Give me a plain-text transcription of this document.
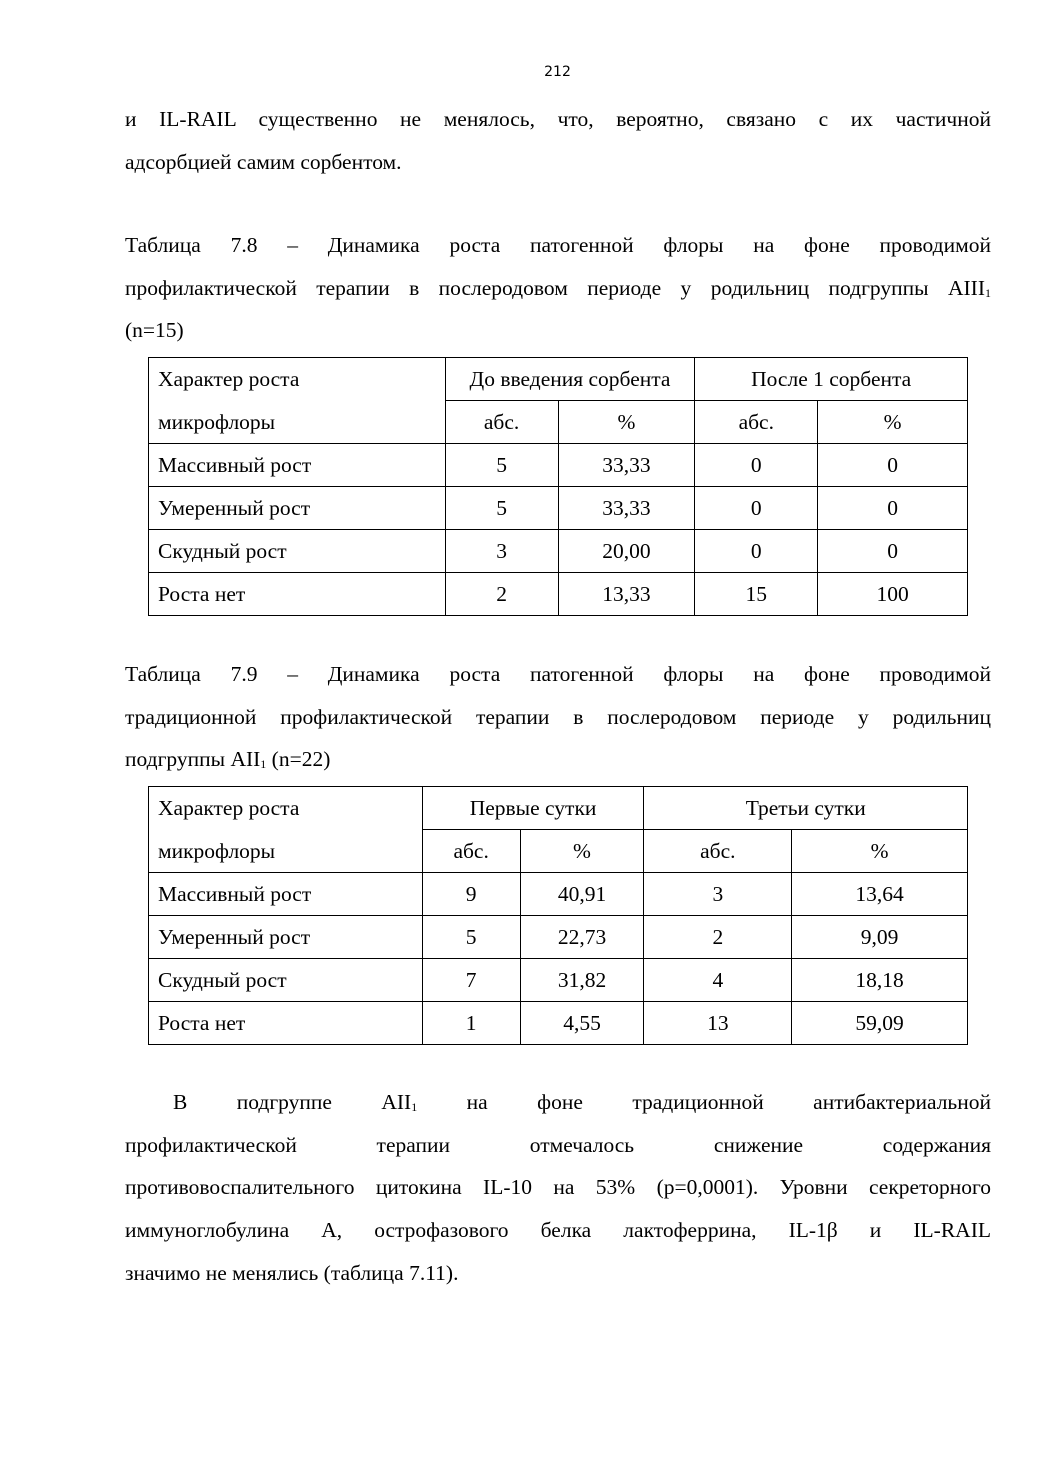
212
и IL-RAIL существенно не менялось, что, вероятно, связано с их частичной
адсорбцией самим сорбентом.
Таблица 7.8 – Динамика роста патогенной флоры на фоне проводимой
профилактической терапии в послеродовом периоде у родильниц подгруппы $AIII_1$
(n=15)
Характер роста	До введения сорбента		После 1 сорбента	
микрофлоры	абс.	%	абс.	%
Массивный рост	5	33,33	0	0
Умеренный рост	5	33,33	0	0
Скудный рост	3	20,00	0	0
Роста нет	2	13,33	15	100
Таблица 7.9 – Динамика роста патогенной флоры на фоне проводимой
традиционной профилактической терапии в послеродовом периоде у родильниц
подгруппы $AII_1$ (n=22)
Характер роста	Первые сутки		Третьи сутки	
микрофлоры	абс.	%	абс.	%
Массивный рост	9	40,91	3	13,64
Умеренный рост	5	22,73	2	9,09
Скудный рост	7	31,82	4	18,18
Роста нет	1	4,55	13	59,09
В подгруппе $AII_1$ на фоне традиционной антибактериальной
профилактической терапии отмечалось снижение содержания
противовоспалительного цитокина IL-10 на 53% (p=0,0001). Уровни секреторного
иммуноглобулина A, острофазового белка лактоферрина, IL-1β и IL-RAIL
значимо не менялись (таблица 7.11).
